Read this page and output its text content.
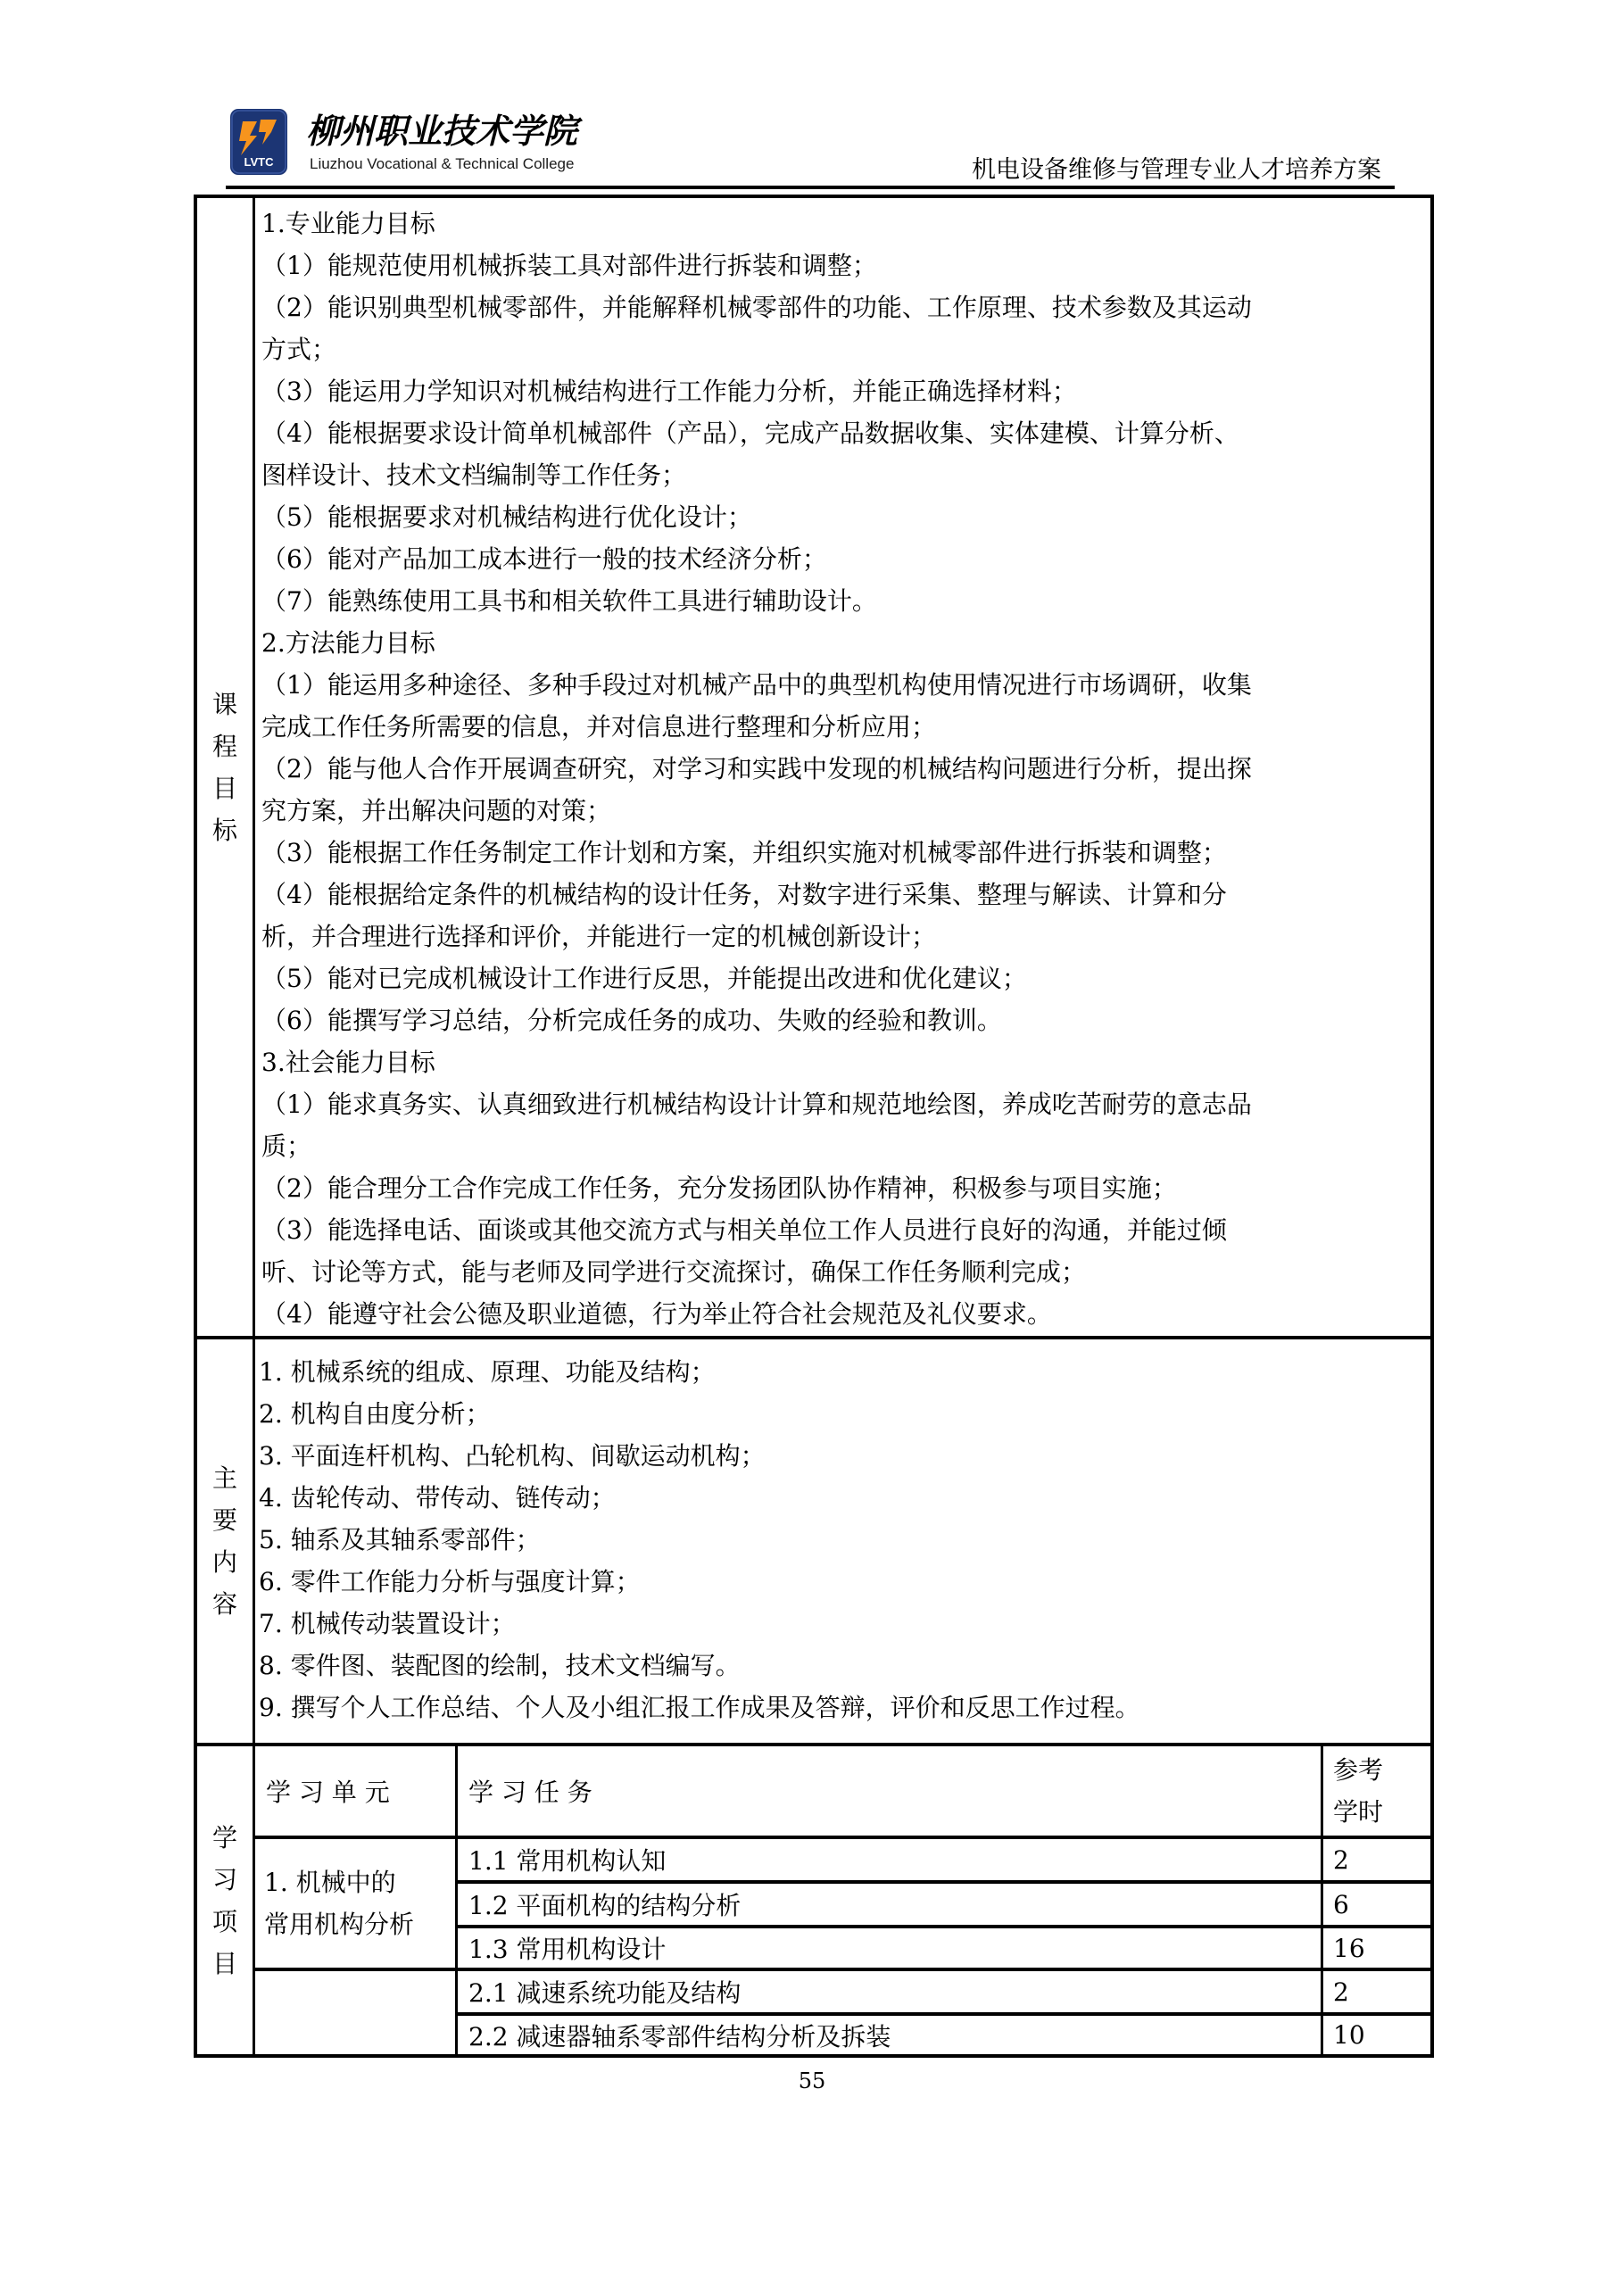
LVTC
柳州职业技术学院
Liuzhou Vocational & Technical College	机电设备维修与管理专业人才培养方案
课程目标
1.专业能力目标
（1）能规范使用机械拆装工具对部件进行拆装和调整；
（2）能识别典型机械零部件，并能解释机械零部件的功能、工作原理、技术参数及其运动
方式；
（3）能运用力学知识对机械结构进行工作能力分析，并能正确选择材料；
（4）能根据要求设计简单机械部件（产品），完成产品数据收集、实体建模、计算分析、
图样设计、技术文档编制等工作任务；
（5）能根据要求对机械结构进行优化设计；
（6）能对产品加工成本进行一般的技术经济分析；
（7）能熟练使用工具书和相关软件工具进行辅助设计。
2.方法能力目标
（1）能运用多种途径、多种手段过对机械产品中的典型机构使用情况进行市场调研，收集
完成工作任务所需要的信息，并对信息进行整理和分析应用；
（2）能与他人合作开展调查研究，对学习和实践中发现的机械结构问题进行分析，提出探
究方案，并出解决问题的对策；
（3）能根据工作任务制定工作计划和方案，并组织实施对机械零部件进行拆装和调整；
（4）能根据给定条件的机械结构的设计任务，对数字进行采集、整理与解读、计算和分
析，并合理进行选择和评价，并能进行一定的机械创新设计；
（5）能对已完成机械设计工作进行反思，并能提出改进和优化建议；
（6）能撰写学习总结，分析完成任务的成功、失败的经验和教训。
3.社会能力目标
（1）能求真务实、认真细致进行机械结构设计计算和规范地绘图，养成吃苦耐劳的意志品
质；
（2）能合理分工合作完成工作任务，充分发扬团队协作精神，积极参与项目实施；
（3）能选择电话、面谈或其他交流方式与相关单位工作人员进行良好的沟通，并能过倾
听、讨论等方式，能与老师及同学进行交流探讨，确保工作任务顺利完成；
（4）能遵守社会公德及职业道德，行为举止符合社会规范及礼仪要求。
主要内容
1. 机械系统的组成、原理、功能及结构；
2. 机构自由度分析；
3. 平面连杆机构、凸轮机构、间歇运动机构；
4. 齿轮传动、带传动、链传动；
5. 轴系及其轴系零部件；
6. 零件工作能力分析与强度计算；
7. 机械传动装置设计；
8. 零件图、装配图的绘制，技术文档编写。
9. 撰写个人工作总结、个人及小组汇报工作成果及答辩，评价和反思工作过程。
学习项目
学 习 单 元	学 习 任 务
参考
学时
1. 机械中的
常用机构分析
1.1 常用机构认知	2
1.2 平面机构的结构分析	6
1.3 常用机构设计	16
2.1 减速系统功能及结构	2
2.2 减速器轴系零部件结构分析及拆装	10
55
